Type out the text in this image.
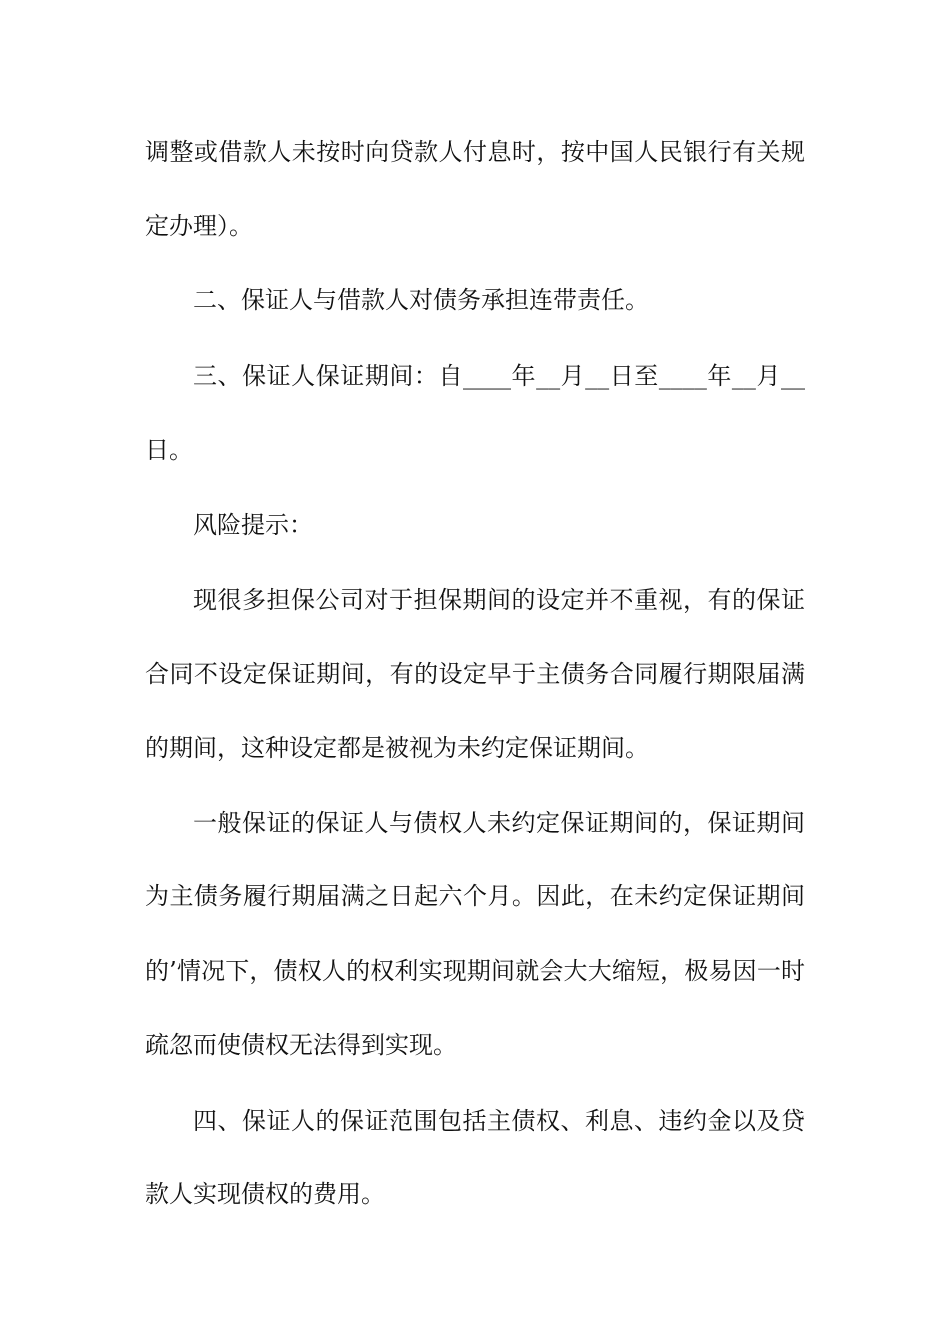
调整或借款人未按时向贷款人付息时，按中国人民银行有关规
定办理）。
二、保证人与借款人对债务承担连带责任。
三、保证人保证期间：自____年__月__日至____年__月__
日。
风险提示：
现很多担保公司对于担保期间的设定并不重视，有的保证
合同不设定保证期间，有的设定早于主债务合同履行期限届满
的期间，这种设定都是被视为未约定保证期间。
一般保证的保证人与债权人未约定保证期间的，保证期间
为主债务履行期届满之日起六个月。因此，在未约定保证期间
的’情况下，债权人的权利实现期间就会大大缩短，极易因一时
疏忽而使债权无法得到实现。
四、保证人的保证范围包括主债权、利息、违约金以及贷
款人实现债权的费用。
